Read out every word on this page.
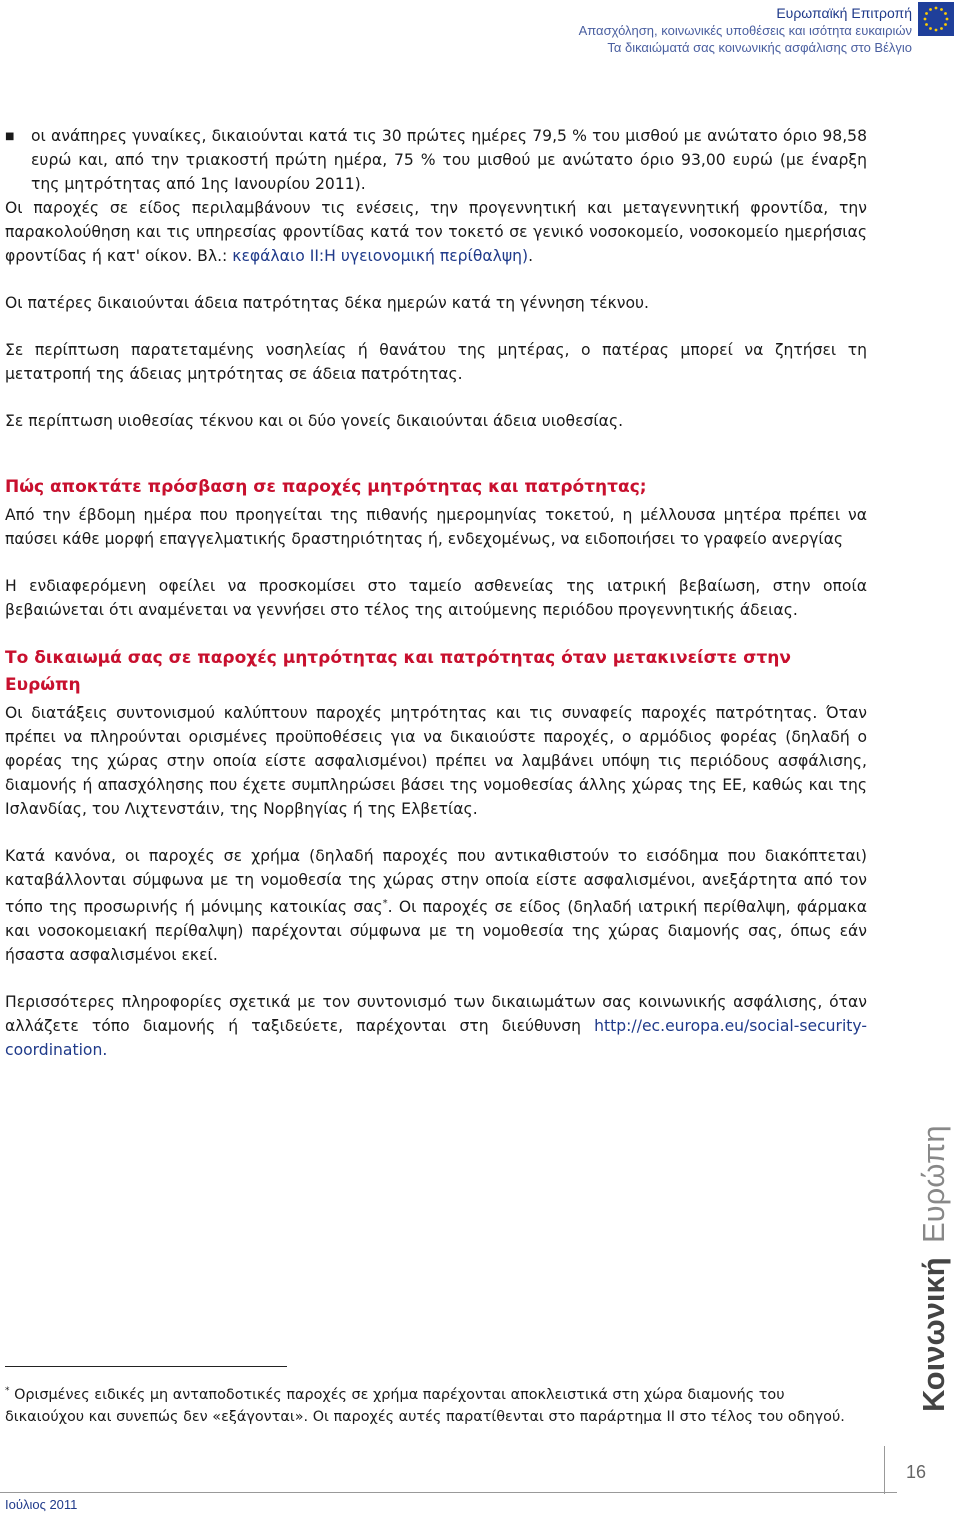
Ευρωπαϊκή Επιτροπή
Απασχόληση, κοινωνικές υποθέσεις και ισότητα ευκαιριών
Τα δικαιώματά σας κοινωνικής ασφάλισης στο Βέλγιο
■	οι ανάπηρες γυναίκες, δικαιούνται κατά τις 30 πρώτες ημέρες 79,5 % του μισθού με ανώτατο όριο 98,58 ευρώ και, από την τριακοστή πρώτη ημέρα, 75 % του μισθού με ανώτατο όριο 93,00 ευρώ (με έναρξη της μητρότητας από 1ης Ιανουρίου 2011).

Οι παροχές σε είδος περιλαμβάνουν τις ενέσεις, την προγεννητική και μεταγεννητική φροντίδα, την παρακολούθηση και τις υπηρεσίας φροντίδας κατά τον τοκετό σε γενικό νοσοκομείο, νοσοκομείο ημερήσιας φροντίδας ή κατ' οίκον. Βλ.: κεφάλαιο ΙΙ:Η υγειονομική περίθαλψη).

Οι πατέρες δικαιούνται άδεια πατρότητας δέκα ημερών κατά τη γέννηση τέκνου.

Σε περίπτωση παρατεταμένης νοσηλείας ή θανάτου της μητέρας, ο πατέρας μπορεί να ζητήσει τη μετατροπή της άδειας μητρότητας σε άδεια πατρότητας.

Σε περίπτωση υιοθεσίας τέκνου και οι δύο γονείς δικαιούνται άδεια υιοθεσίας.

Πώς αποκτάτε πρόσβαση σε παροχές μητρότητας και πατρότητας;

Από την έβδομη ημέρα που προηγείται της πιθανής ημερομηνίας τοκετού, η μέλλουσα μητέρα πρέπει να παύσει κάθε μορφή επαγγελματικής δραστηριότητας ή, ενδεχομένως, να ειδοποιήσει το γραφείο ανεργίας

Η ενδιαφερόμενη οφείλει να προσκομίσει στο ταμείο ασθενείας της ιατρική βεβαίωση, στην οποία βεβαιώνεται ότι αναμένεται να γεννήσει στο τέλος της αιτούμενης περιόδου προγεννητικής άδειας.

Το δικαιωμά σας σε παροχές μητρότητας και πατρότητας όταν μετακινείστε στην Ευρώπη

Οι διατάξεις συντονισμού καλύπτουν παροχές μητρότητας και τις συναφείς παροχές πατρότητας. Όταν πρέπει να πληρούνται ορισμένες προϋποθέσεις για να δικαιούστε παροχές, ο αρμόδιος φορέας (δηλαδή ο φορέας της χώρας στην οποία είστε ασφαλισμένοι) πρέπει να λαμβάνει υπόψη τις περιόδους ασφάλισης, διαμονής ή απασχόλησης που έχετε συμπληρώσει βάσει της νομοθεσίας άλλης χώρας της ΕΕ, καθώς και της Ισλανδίας, του Λιχτενστάιν, της Νορβηγίας ή της Ελβετίας.

Κατά κανόνα, οι παροχές σε χρήμα (δηλαδή παροχές που αντικαθιστούν το εισόδημα που διακόπτεται) καταβάλλονται σύμφωνα με τη νομοθεσία της χώρας στην οποία είστε ασφαλισμένοι, ανεξάρτητα από τον τόπο της προσωρινής ή μόνιμης κατοικίας σας*. Οι παροχές σε είδος (δηλαδή ιατρική περίθαλψη, φάρμακα και νοσοκομειακή περίθαλψη) παρέχονται σύμφωνα με τη νομοθεσία της χώρας διαμονής σας, όπως εάν ήσαστα ασφαλισμένοι εκεί.

Περισσότερες πληροφορίες σχετικά με τον συντονισμό των δικαιωμάτων σας κοινωνικής ασφάλισης, όταν αλλάζετε τόπο διαμονής ή ταξιδεύετε, παρέχονται στη διεύθυνση http://ec.europa.eu/social-security-coordination.

Κοινωνική
Ευρώπη
* Ορισμένες ειδικές μη ανταποδοτικές παροχές σε χρήμα παρέχονται αποκλειστικά στη χώρα διαμονής του δικαιούχου και συνεπώς δεν «εξάγονται». Οι παροχές αυτές παρατίθενται στο παράρτημα ΙΙ στο τέλος του οδηγού.
16
Ιούλιος 2011
